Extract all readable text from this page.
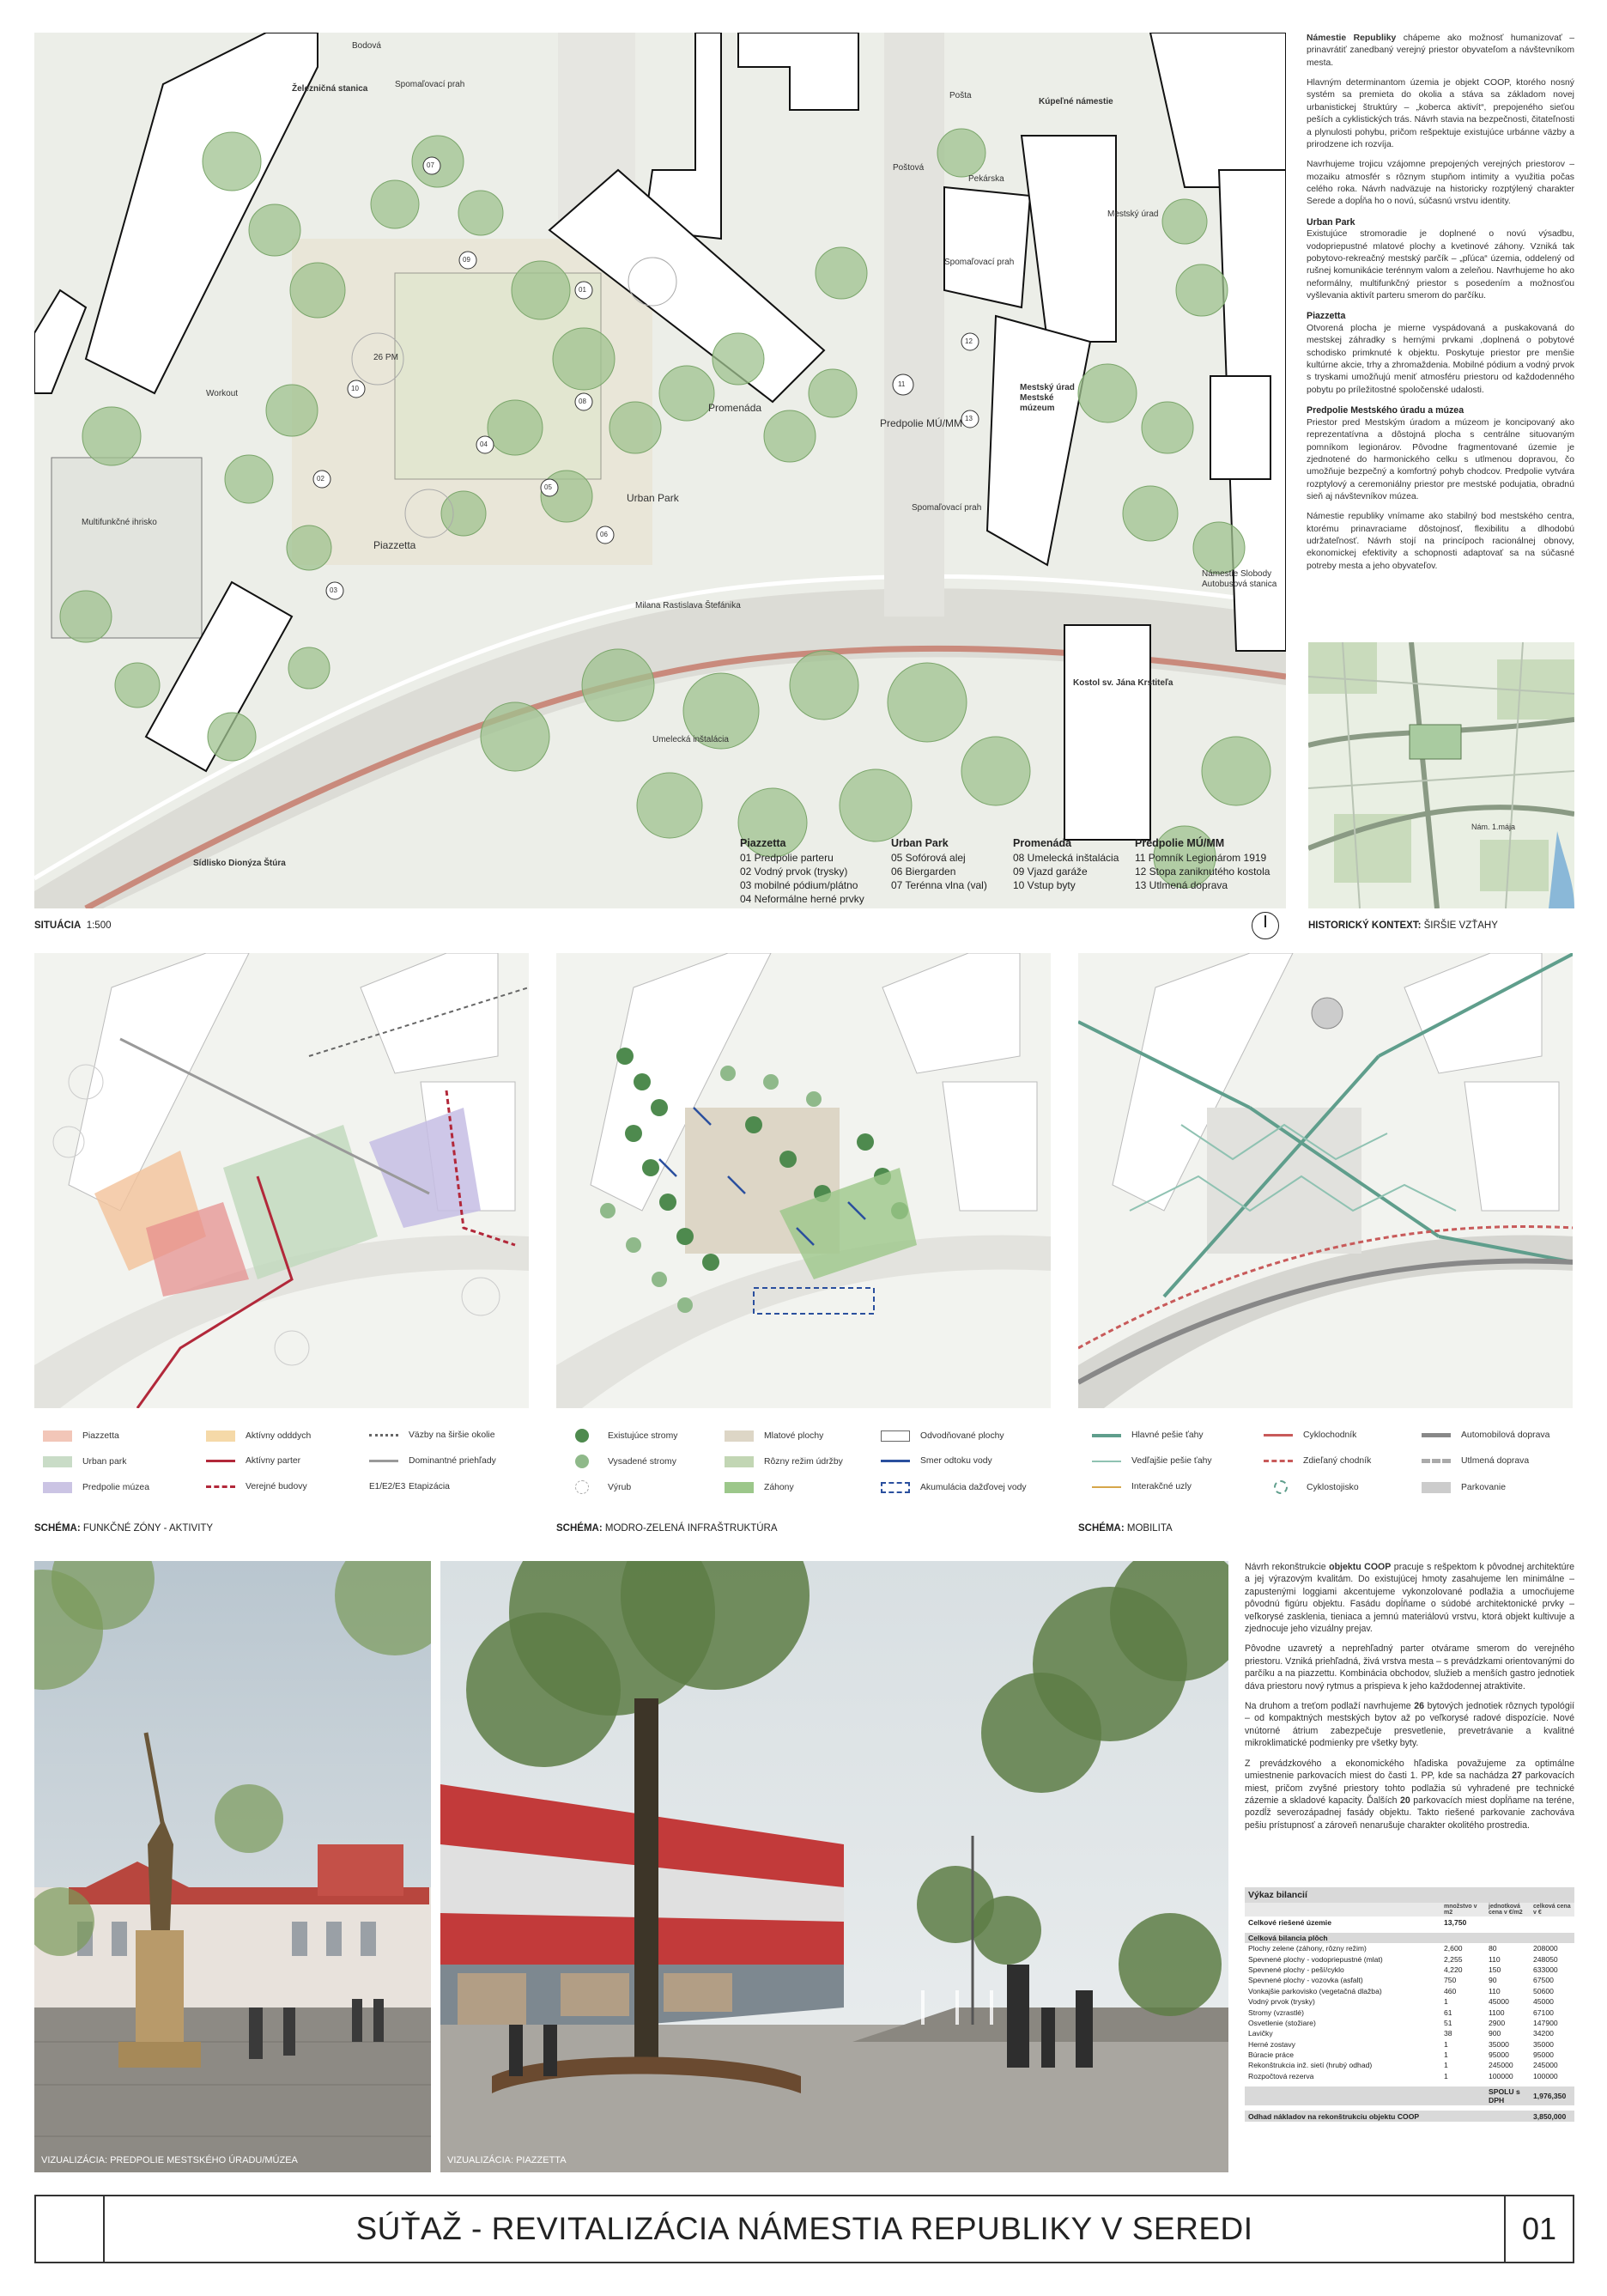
Bodová
Železničná stanica	Spomaľovací prah
Pošta
Poštová
Kúpeľné námestie
Pekárska
Mestský úrad
Spomaľovací prah
Workout
Multifunkčné ihrisko
26 PM
Promenáda
Predpolie MÚ/MM
Mestský úrad Mestské múzeum
Urban Park
Piazzetta
Spomaľovací prah
Námestie Slobody Autobusová stanica
Milana Rastislava Štefánika
Kostol sv. Jána Krstiteľa
Umelecká inštalácia
Sídlisko Dionýza Štúra
Piazzetta
01 Predpolie parteru
02 Vodný prvok (trysky)
03 mobilné pódium/plátno
04 Neformálne herné prvky
Urban Park
05 Sofórová alej
06 Biergarden
07 Terénna vlna (val)
Promenáda
08 Umelecká inštalácia
09 Vjazd garáže
10 Vstup byty
Predpolie MÚ/MM
11 Pomník Legionárom 1919
12 Stopa zaniknutého kostola
13 Utlmená doprava
07
09
10
02
04
08
05
06
03
11
12
13
01
SITUÁCIA 1:500	HISTORICKÝ KONTEXT: ŠIRŠIE VZŤAHY

Námestie Republiky chápeme ako možnosť humanizovať – prinavrátiť zanedbaný verejný priestor obyvateľom a návštevníkom mesta.

Hlavným determinantom územia je objekt COOP, ktorého nosný systém sa premieta do okolia a stáva sa základom novej urbanistickej štruktúry – „koberca aktivít“, prepojeného sieťou peších a cyklistických trás. Návrh stavia na bezpečnosti, čitateľnosti a plynulosti pohybu, pričom rešpektuje existujúce urbánne väzby a prirodzene ich rozvíja.

Navrhujeme trojicu vzájomne prepojených verejných priestorov – mozaiku atmosfér s rôznym stupňom intimity a využitia počas celého roka. Návrh nadväzuje na historicky rozptýlený charakter Serede a dopĺňa ho o novú, súčasnú vrstvu identity.

Urban Park

Existujúce stromoradie je doplnené o novú výsadbu, vodopriepustné mlatové plochy a kvetinové záhony. Vzniká tak pobytovo-rekreačný mestský parčík – „pľúca“ územia, oddelený od rušnej komunikácie terénnym valom a zeleňou. Navrhujeme ho ako neformálny, multifunkčný priestor s posedením a možnosťou vyšlevania aktivít parteru smerom do parčíku.

Piazzetta

Otvorená plocha je mierne vyspádovaná a puskakovaná do mestskej záhradky s hernými prvkami ,doplnená o pobytové schodisko primknuté k objektu. Poskytuje priestor pre menšie kultúrne akcie, trhy a zhromaždenia. Mobilné pódium a vodný prvok s tryskami umožňujú meniť atmosféru priestoru od každodenného pobytu po príležitostné spoločenské udalosti.

Predpolie Mestského úradu a múzea

Priestor pred Mestským úradom a múzeom je koncipovaný ako reprezentatívna a dôstojná plocha s centrálne situovaným pomníkom legionárov. Pôvodne fragmentované územie je zjednotené do harmonického celku s utlmenou dopravou, čo umožňuje bezpečný a komfortný pohyb chodcov. Predpolie vytvára rozptylový a ceremoniálny priestor pre mestské podujatia, obradnú sieň aj návštevníkov múzea.

Námestie republiky vnímame ako stabilný bod mestského centra, ktorému prinavraciame dôstojnosť, flexibilitu a dlhodobú udržateľnosť. Návrh stojí na princípoch racionálnej obnovy, ekonomickej efektivity a schopnosti adaptovať sa na súčasné potreby mesta a jeho obyvateľov.

Nám. 1.mája
Piazzetta
Urban park
Predpolie múzea
Aktívny odddych
Aktívny parter
Verejné budovy
Väzby na širšie okolie
Dominantné priehľady
E1/E2/E3 Etapizácia
Existujúce stromy
Vysadené stromy
Výrub
Mlatové plochy
Rôzny režim údržby
Záhony
Odvodňované plochy
Smer odtoku vody
Akumulácia dažďovej vody
Hlavné pešie ťahy
Vedľajšie pešie ťahy
Interakčné uzly
Cyklochodník
Zdieľaný chodník
Cyklostojisko
Automobilová doprava
Utlmená doprava
Parkovanie
SCHÉMA: FUNKČNÉ ZÓNY - AKTIVITY	SCHÉMA: MODRO-ZELENÁ INFRAŠTRUKTÚRA	SCHÉMA: MOBILITA
VIZUALIZÁCIA: PREDPOLIE MESTSKÉHO ÚRADU/MÚZEA	VIZUALIZÁCIA: PIAZZETTA

Návrh rekonštrukcie objektu COOP pracuje s rešpektom k pôvodnej architektúre a jej výrazovým kvalitám. Do existujúcej hmoty zasahujeme len minimálne – zapustenými loggiami akcentujeme vykonzolované podlažia a umocňujeme pôvodnú figúru objektu. Fasádu dopĺňame o súdobé architektonické prvky – veľkorysé zasklenia, tieniaca a jemnú materiálovú vrstvu, ktorá objekt kultivuje a zjednocuje jeho vizuálny prejav.

Pôvodne uzavretý a neprehľadný parter otvárame smerom do verejného priestoru. Vzniká priehľadná, živá vrstva mesta – s prevádzkami orientovanými do parčíku a na piazzettu. Kombinácia obchodov, služieb a menších gastro jednotiek dáva priestoru nový rytmus a prispieva k jeho každodennej atraktivite.

Na druhom a treťom podlaží navrhujeme 26 bytových jednotiek rôznych typológií – od kompaktných mestských bytov až po veľkorysé radové dispozície. Nové vnútorné átrium zabezpečuje presvetlenie, prevetrávanie a kvalitné mikroklimatické podmienky pre všetky byty.

Z prevádzkového a ekonomického hľadiska považujeme za optimálne umiestnenie parkovacích miest do časti 1. PP, kde sa nachádza 27 parkovacích miest, pričom zvyšné priestory tohto podlažia sú vyhradené pre technické zázemie a skladové kapacity. Ďalších 20 parkovacích miest dopĺňame na teréne, pozdĺž severozápadnej fasády objektu. Takto riešené parkovanie zachováva pešiu prístupnosť a zároveň nenarušuje charakter okolitého prostredia.

Výkaz bilancií
	množstvo v m2	jednotková cena v €/m2	celková cena v €
Celkové riešené územie	13,750		

Celková bilancia plôch			
Plochy zelene (záhony, rôzny režim)	2,600	80	208000
Spevnené plochy - vodopriepustné (mlat)	2,255	110	248050
Spevnené plochy - peší/cyklo	4,220	150	633000
Spevnené plochy - vozovka (asfalt)	750	90	67500
Vonkajšie parkovisko (vegetačná dlažba)	460	110	50600
Vodný prvok (trysky)	1	45000	45000
Stromy (vzrastlé)	61	1100	67100
Osvetlenie (stožiare)	51	2900	147900
Lavičky	38	900	34200
Herné zostavy	1	35000	35000
Búracie práce	1	95000	95000
Rekonštrukcia inž. sietí (hrubý odhad)	1	245000	245000
Rozpočtová rezerva	1	100000	100000

		SPOLU s DPH	1,976,350

Odhad nákladov na rekonštrukciu objektu COOP			3,850,000
SÚŤAŽ - REVITALIZÁCIA NÁMESTIA REPUBLIKY V SEREDI	01
